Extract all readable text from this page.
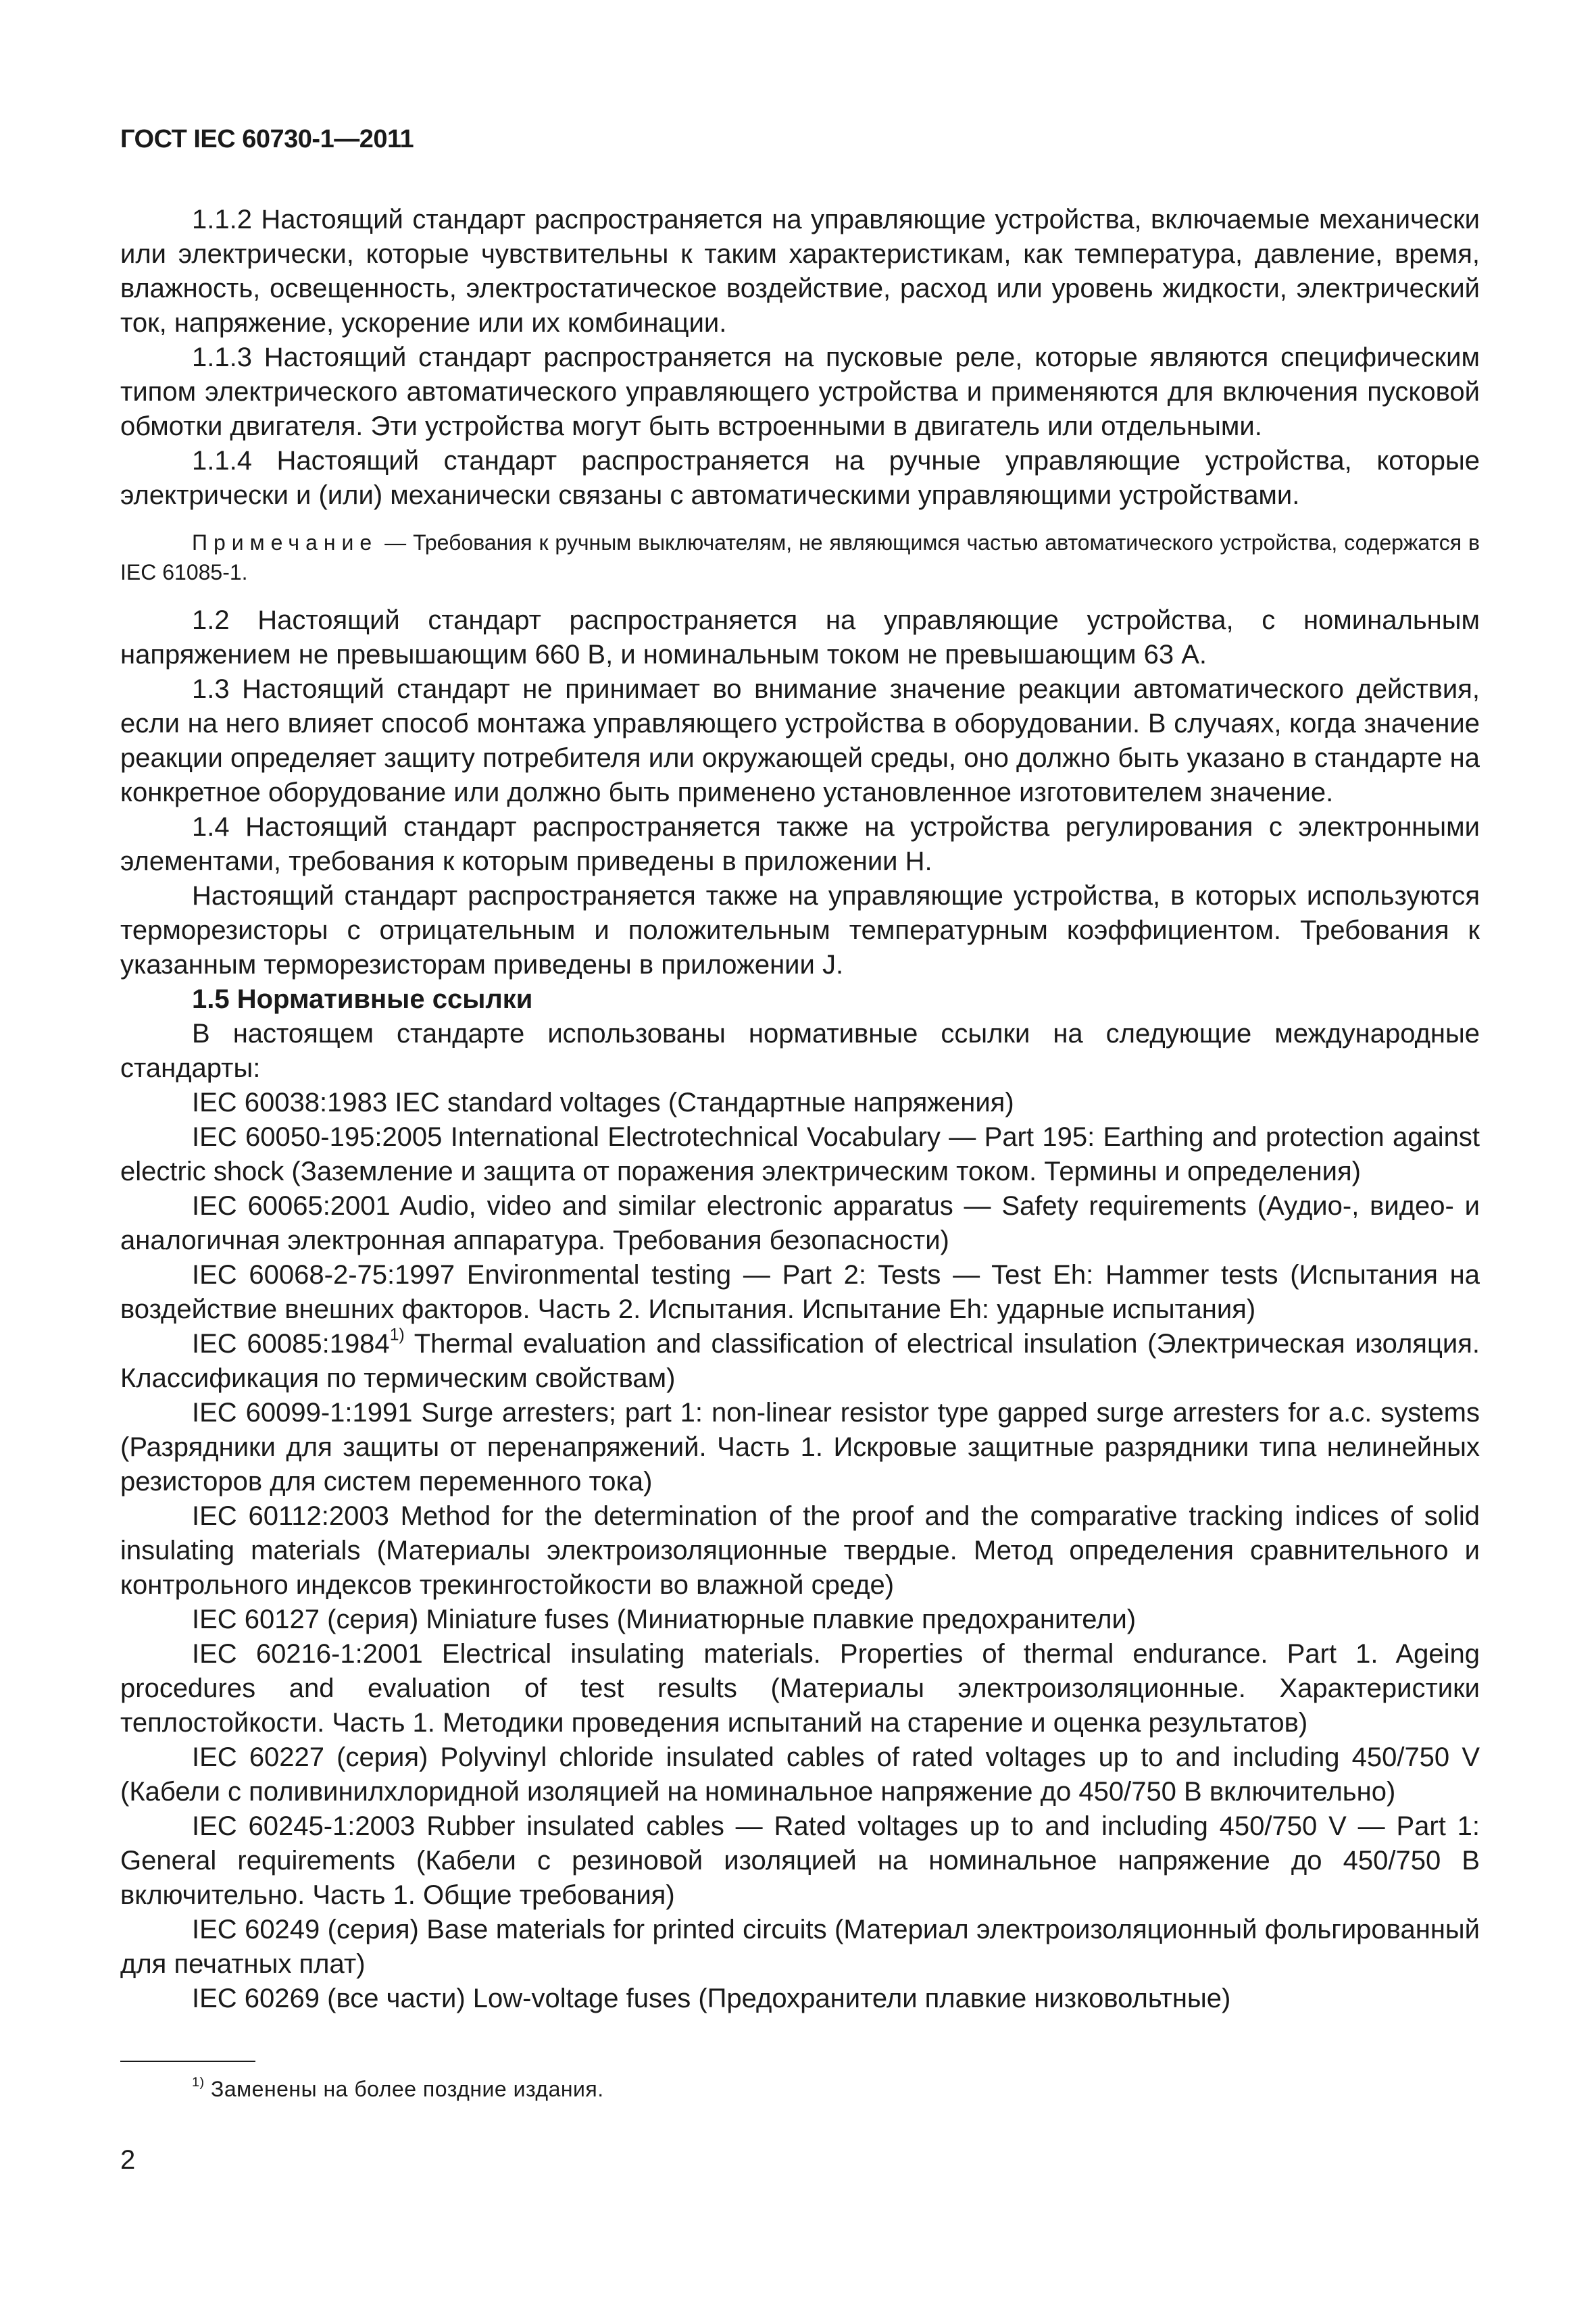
ГОСТ IEC 60730-1—2011

1.1.2 Настоящий стандарт распространяется на управляющие устройства, включаемые механически или электрически, которые чувствительны к таким характеристикам, как температура, давление, время, влажность, освещенность, электростатическое воздействие, расход или уровень жидкости, электрический ток, напряжение, ускорение или их комбинации.

1.1.3 Настоящий стандарт распространяется на пусковые реле, которые являются специфическим типом электрического автоматического управляющего устройства и применяются для включения пусковой обмотки двигателя. Эти устройства могут быть встроенными в двигатель или отдельными.

1.1.4 Настоящий стандарт распространяется на ручные управляющие устройства, которые электрически и (или) механически связаны с автоматическими управляющими устройствами.

Примечание — Требования к ручным выключателям, не являющимся частью автоматического устройства, содержатся в IEC 61085-1.

1.2 Настоящий стандарт распространяется на управляющие устройства, с номинальным напряжением не превышающим 660 В, и номинальным током не превышающим 63 А.

1.3 Настоящий стандарт не принимает во внимание значение реакции автоматического действия, если на него влияет способ монтажа управляющего устройства в оборудовании. В случаях, когда значение реакции определяет защиту потребителя или окружающей среды, оно должно быть указано в стандарте на конкретное оборудование или должно быть применено установленное изготовителем значение.

1.4 Настоящий стандарт распространяется также на устройства регулирования с электронными элементами, требования к которым приведены в приложении Н.

Настоящий стандарт распространяется также на управляющие устройства, в которых используются терморезисторы с отрицательным и положительным температурным коэффициентом. Требования к указанным терморезисторам приведены в приложении J.

1.5 Нормативные ссылки

В настоящем стандарте использованы нормативные ссылки на следующие международные стандарты:

IEC 60038:1983 IEC standard voltages (Стандартные напряжения)

IEC 60050-195:2005 International Electrotechnical Vocabulary — Part 195: Earthing and protection against electric shock (Заземление и защита от поражения электрическим током. Термины и определения)

IEC 60065:2001 Audio, video and similar electronic apparatus — Safety requirements (Аудио-, видео- и аналогичная электронная аппаратура. Требования безопасности)

IEC 60068-2-75:1997 Environmental testing — Part 2: Tests — Test Eh: Hammer tests (Испытания на воздействие внешних факторов. Часть 2. Испытания. Испытание Eh: ударные испытания)

IEC 60085:1984$^{1)}$ Thermal evaluation and classification of electrical insulation (Электрическая изоляция. Классификация по термическим свойствам)

IEC 60099-1:1991 Surge arresters; part 1: non-linear resistor type gapped surge arresters for a.c. systems (Разрядники для защиты от перенапряжений. Часть 1. Искровые защитные разрядники типа нелинейных резисторов для систем переменного тока)

IEC 60112:2003 Method for the determination of the proof and the comparative tracking indices of solid insulating materials (Материалы электроизоляционные твердые. Метод определения сравнительного и контрольного индексов трекингостойкости во влажной среде)

IEC 60127 (серия) Miniature fuses (Миниатюрные плавкие предохранители)

IEC 60216-1:2001 Electrical insulating materials. Properties of thermal endurance. Part 1. Ageing procedures and evaluation of test results (Материалы электроизоляционные. Характеристики теплостойкости. Часть 1. Методики проведения испытаний на старение и оценка результатов)

IEC 60227 (серия) Polyvinyl chloride insulated cables of rated voltages up to and including 450/750 V (Кабели с поливинилхлоридной изоляцией на номинальное напряжение до 450/750 В включительно)

IEC 60245-1:2003 Rubber insulated cables — Rated voltages up to and including 450/750 V — Part 1: General requirements (Кабели с резиновой изоляцией на номинальное напряжение до 450/750 В включительно. Часть 1. Общие требования)

IEC 60249 (серия) Base materials for printed circuits (Материал электроизоляционный фольгированный для печатных плат)

IEC 60269 (все части) Low-voltage fuses (Предохранители плавкие низковольтные)

$^{1)}$ Заменены на более поздние издания.
2
